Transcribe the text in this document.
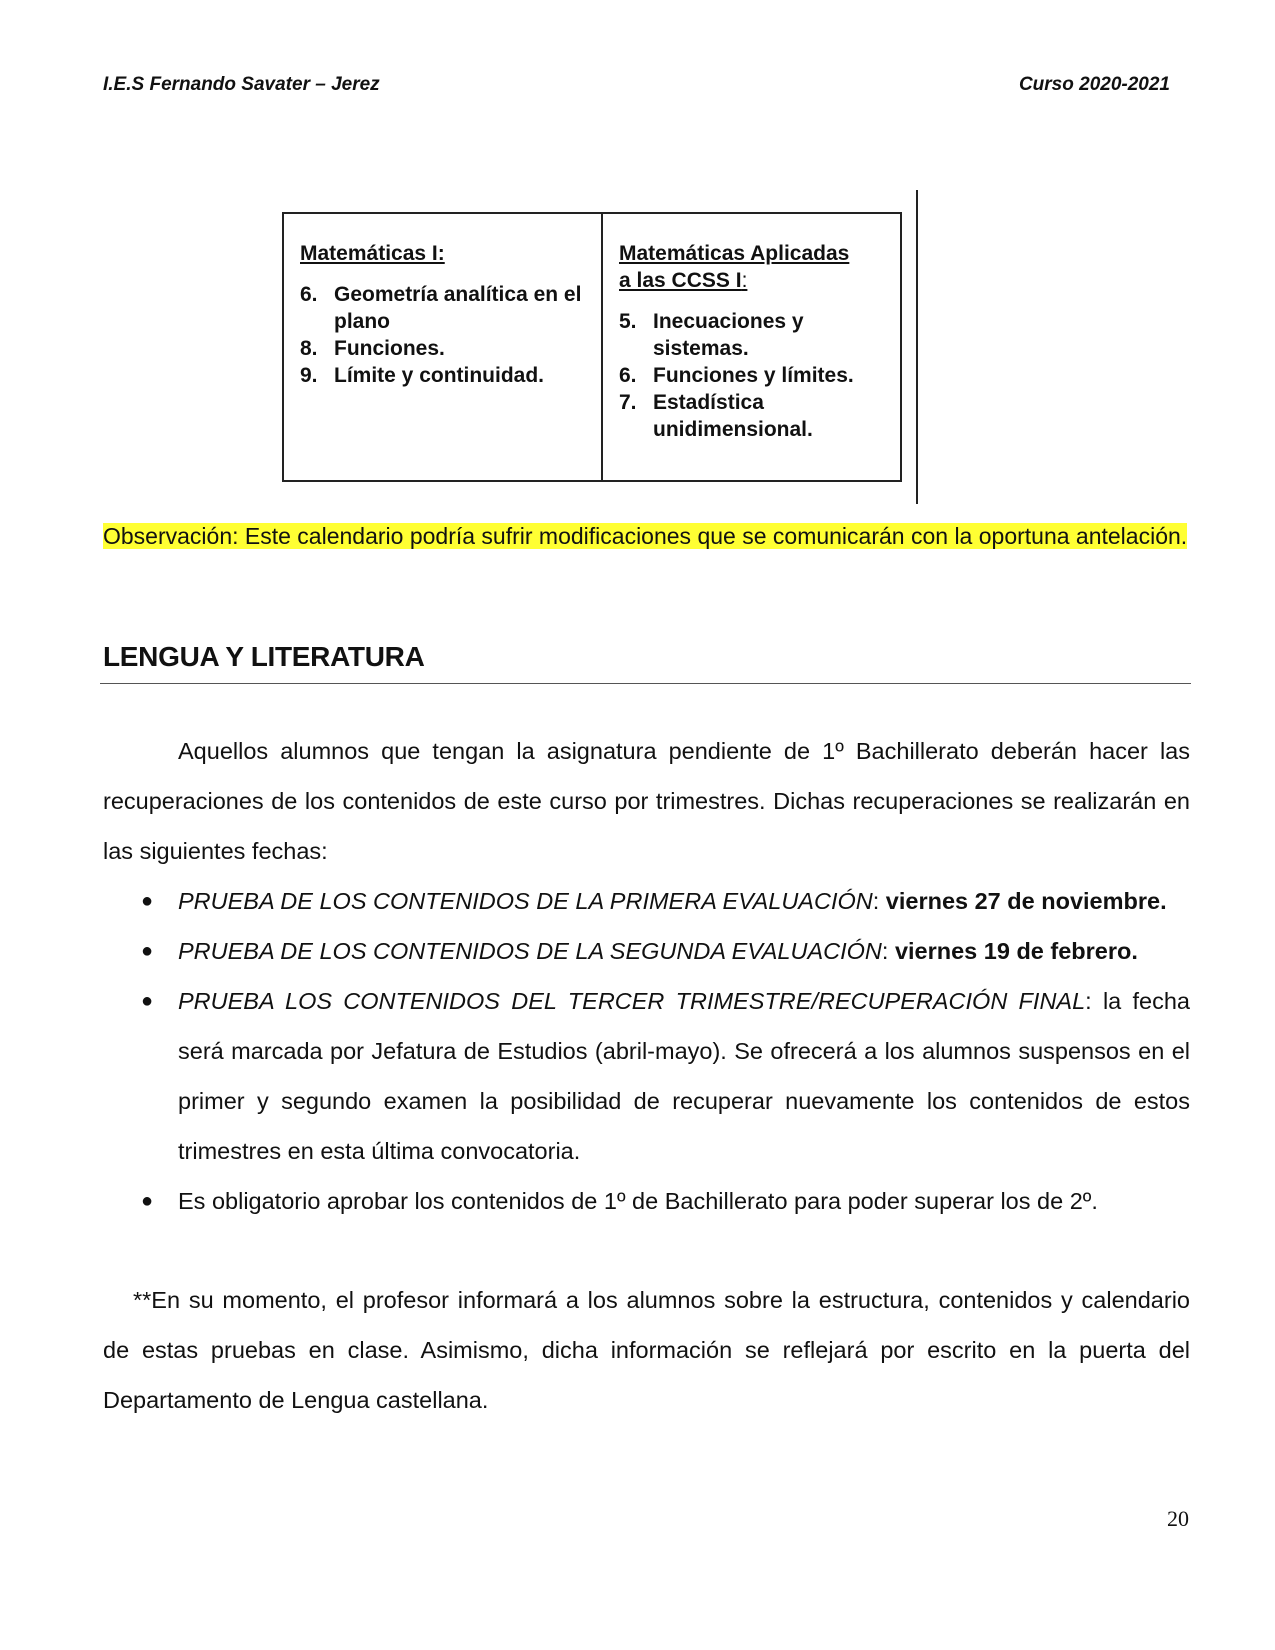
I.E.S Fernando Savater – Jerez	Curso 2020-2021
Matemáticas I:
6. Geometría analítica en el plano
8. Funciones.
9. Límite y continuidad.
Matemáticas Aplicadas
a las CCSS I:
5. Inecuaciones y sistemas.
6. Funciones y límites.
7. Estadística unidimensional.
Observación: Este calendario podría sufrir modificaciones que se comunicarán con la oportuna antelación.
LENGUA Y LITERATURA
Aquellos alumnos que tengan la asignatura pendiente de 1º Bachillerato deberán hacer las recuperaciones de los contenidos de este curso por trimestres. Dichas recuperaciones se realizarán en las siguientes fechas:
● PRUEBA DE LOS CONTENIDOS DE LA PRIMERA EVALUACIÓN: viernes 27 de noviembre.
● PRUEBA DE LOS CONTENIDOS DE LA SEGUNDA EVALUACIÓN: viernes 19 de febrero.
● PRUEBA LOS CONTENIDOS DEL TERCER TRIMESTRE/RECUPERACIÓN FINAL: la fecha será marcada por Jefatura de Estudios (abril-mayo). Se ofrecerá a los alumnos suspensos en el primer y segundo examen la posibilidad de recuperar nuevamente los contenidos de estos trimestres en esta última convocatoria.
● Es obligatorio aprobar los contenidos de 1º de Bachillerato para poder superar los de 2º.
**En su momento, el profesor informará a los alumnos sobre la estructura, contenidos y calendario de estas pruebas en clase. Asimismo, dicha información se reflejará por escrito en la puerta del Departamento de Lengua castellana.
20
